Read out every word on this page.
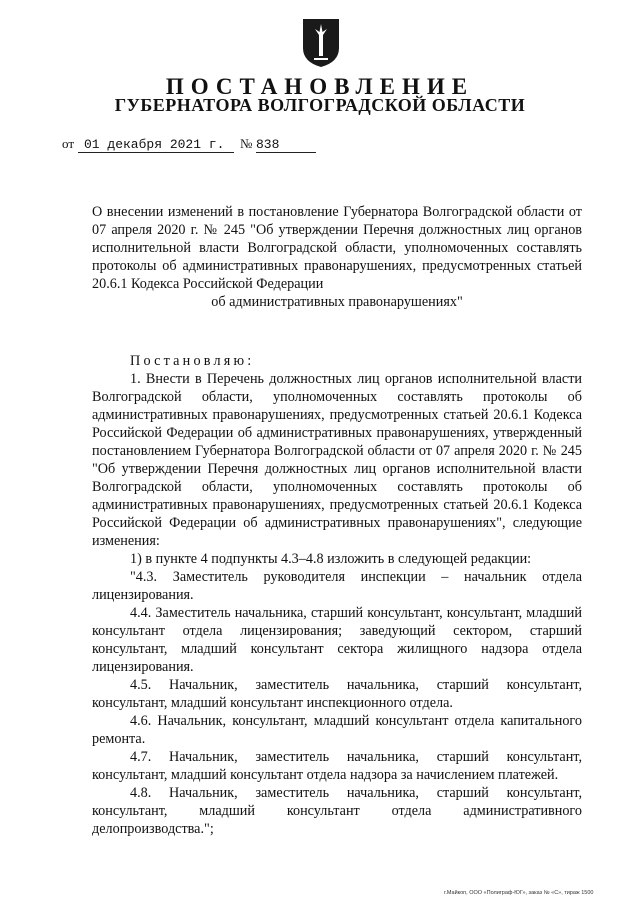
ПОСТАНОВЛЕНИЕ
ГУБЕРНАТОРА ВОЛГОГРАДСКОЙ ОБЛАСТИ
от 01 декабря 2021 г.	№ 838
О внесении изменений в постановление Губернатора Волгоградской области от 07 апреля 2020 г. № 245 "Об утверждении Перечня должностных лиц органов исполнительной власти Волгоградской области, уполномоченных составлять протоколы об административных правонарушениях, предусмотренных статьей 20.6.1 Кодекса Российской Федерации
об административных правонарушениях"

Постановляю:

1. Внести в Перечень должностных лиц органов исполнительной власти Волгоградской области, уполномоченных составлять протоколы об административных правонарушениях, предусмотренных статьей 20.6.1 Кодекса Российской Федерации об административных правонарушениях, утвержденный постановлением Губернатора Волгоградской области от 07 апреля 2020 г. № 245 "Об утверждении Перечня должностных лиц органов исполнительной власти Волгоградской области, уполномоченных составлять протоколы об административных правонарушениях, предусмотренных статьей 20.6.1 Кодекса Российской Федерации об административных правонарушениях", следующие изменения:

1) в пункте 4 подпункты 4.3–4.8 изложить в следующей редакции:

"4.3. Заместитель руководителя инспекции – начальник отдела лицензирования.

4.4. Заместитель начальника, старший консультант, консультант, младший консультант отдела лицензирования; заведующий сектором, старший консультант, младший консультант сектора жилищного надзора отдела лицензирования.

4.5. Начальник, заместитель начальника, старший консультант, консультант, младший консультант инспекционного отдела.

4.6. Начальник, консультант, младший консультант отдела капитального ремонта.

4.7. Начальник, заместитель начальника, старший консультант, консультант, младший консультант отдела надзора за начислением платежей.

4.8. Начальник, заместитель начальника, старший консультант, консультант, младший консультант отдела административного делопроизводства.";

г.Майкоп, ООО «Полиграф-ЮГ», заказ № «С», тираж 1500
